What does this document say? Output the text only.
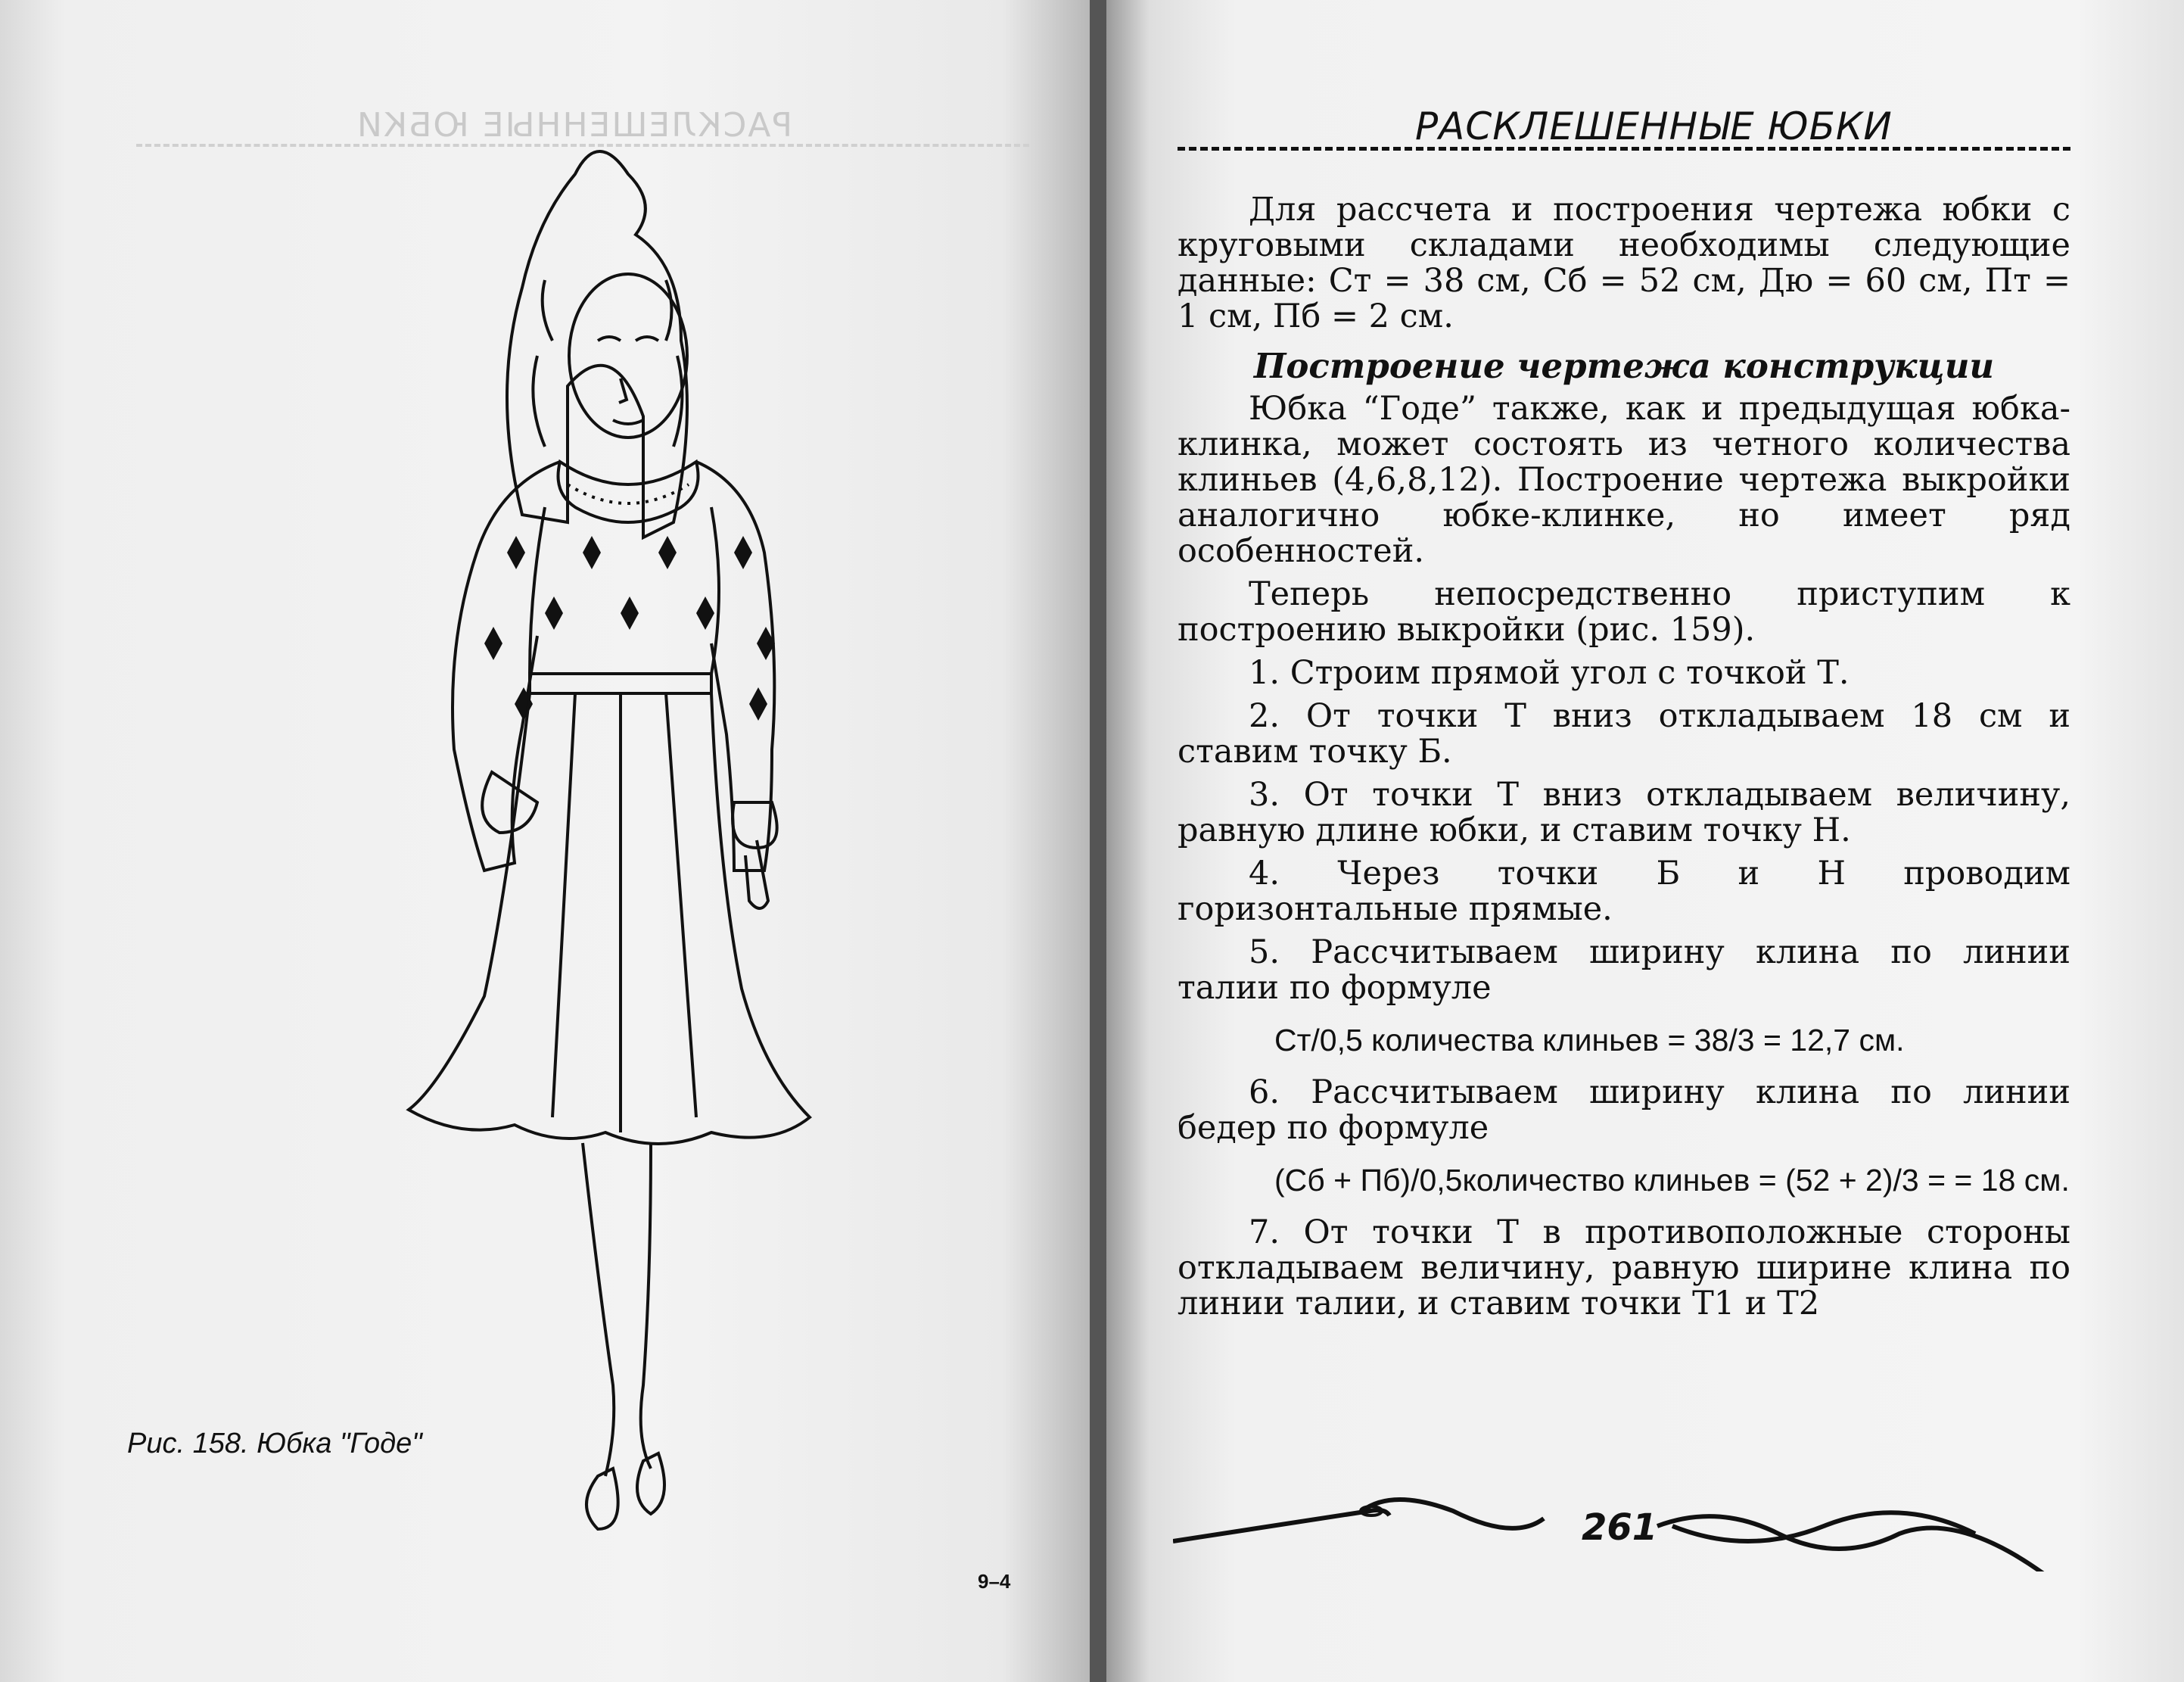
РАСКЛЕШЕННЫЕ ЮБКИ
Рис. 158. Юбка "Годе"
9–4
РАСКЛЕШЕННЫЕ ЮБКИ

Для рассчета и построения чертежа юбки с круговыми складами необходимы следующие данные: Ст = 38 см, Сб = 52 см, Дю = 60 см, Пт = 1 см, Пб = 2 см.

Построение чертежа конструкции

Юбка “Годе” также, как и предыдущая юбка-клинка, может состоять из четного количества клиньев (4,6,8,12). Построение чертежа выкройки аналогично юбке-клинке, но имеет ряд особенностей.

Теперь непосредственно приступим к построению выкройки (рис. 159).

1. Строим прямой угол с точкой Т.

2. От точки Т вниз откладываем 18 см и ставим точку Б.

3. От точки Т вниз откладываем величину, равную длине юбки, и ставим точку Н.

4. Через точки Б и Н проводим горизонтальные прямые.

5. Рассчитываем ширину клина по линии талии по формуле

Ст/0,5 количества клиньев = 38/3 = 12,7 см.

6. Рассчитываем ширину клина по линии бедер по формуле

(Сб + Пб)/0,5количество клиньев = (52 + 2)/3 = = 18 см.

7. От точки Т в противоположные стороны откладываем величину, равную ширине клина по линии талии, и ставим точки Т1 и Т2

261
